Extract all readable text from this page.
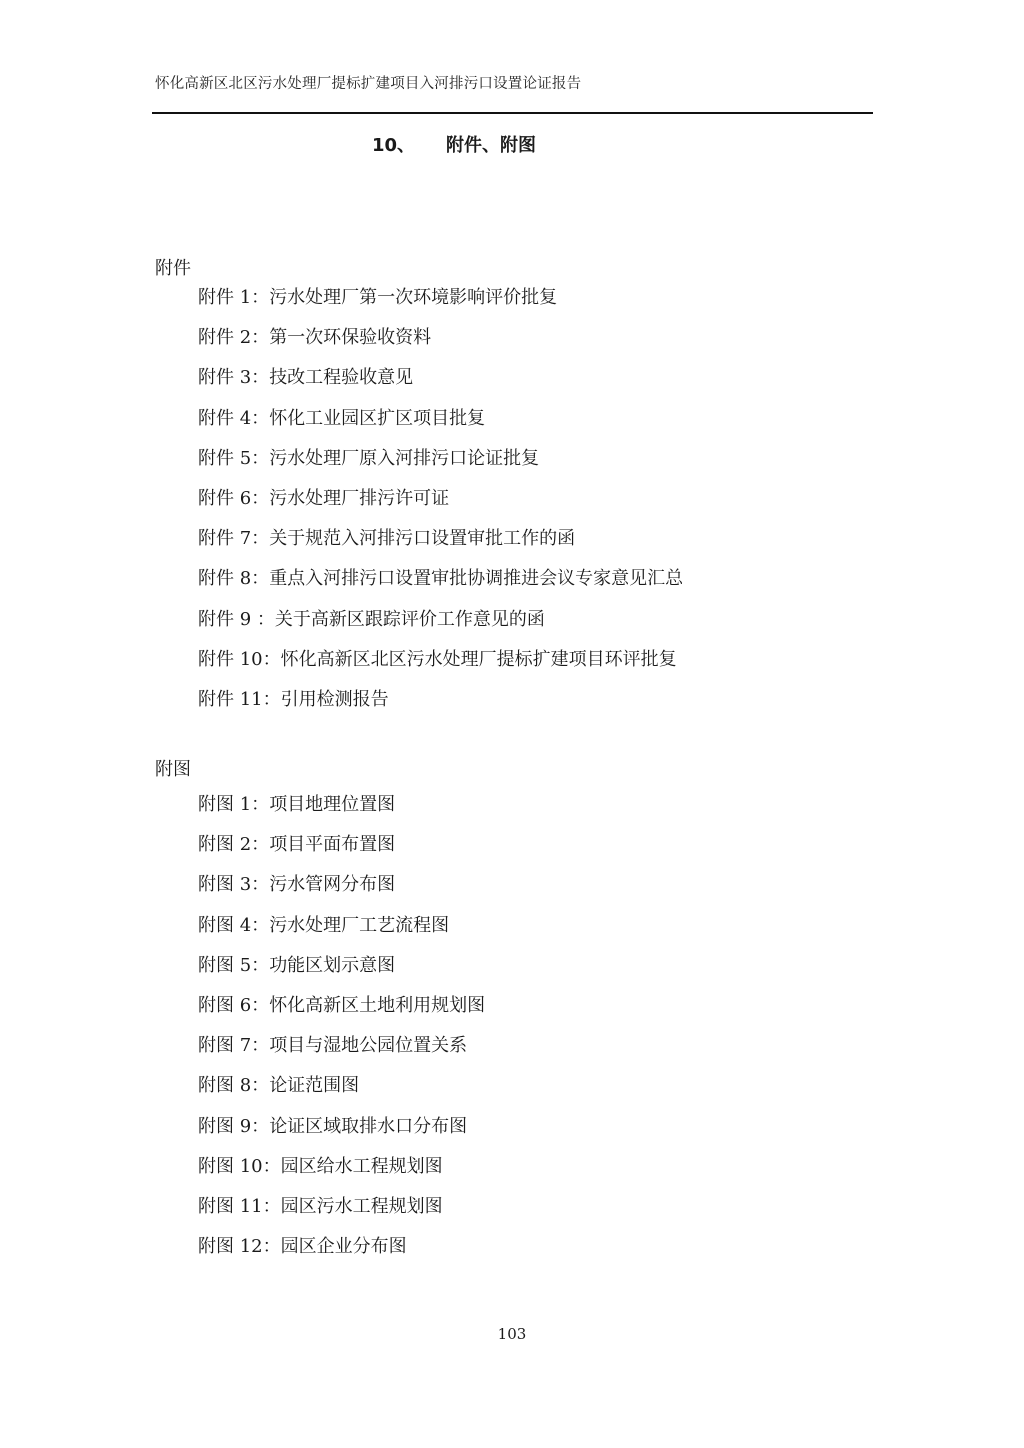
怀化高新区北区污水处理厂提标扩建项目入河排污口设置论证报告
10、 附件、附图
附件
附件 1：污水处理厂第一次环境影响评价批复
附件 2：第一次环保验收资料
附件 3：技改工程验收意见
附件 4：怀化工业园区扩区项目批复
附件 5：污水处理厂原入河排污口论证批复
附件 6：污水处理厂排污许可证
附件 7：关于规范入河排污口设置审批工作的函
附件 8：重点入河排污口设置审批协调推进会议专家意见汇总
附件 9 ：关于高新区跟踪评价工作意见的函
附件 10：怀化高新区北区污水处理厂提标扩建项目环评批复
附件 11：引用检测报告
附图
附图 1：项目地理位置图
附图 2：项目平面布置图
附图 3：污水管网分布图
附图 4：污水处理厂工艺流程图
附图 5：功能区划示意图
附图 6：怀化高新区土地利用规划图
附图 7：项目与湿地公园位置关系
附图 8：论证范围图
附图 9：论证区域取排水口分布图
附图 10：园区给水工程规划图
附图 11：园区污水工程规划图
附图 12：园区企业分布图
103
